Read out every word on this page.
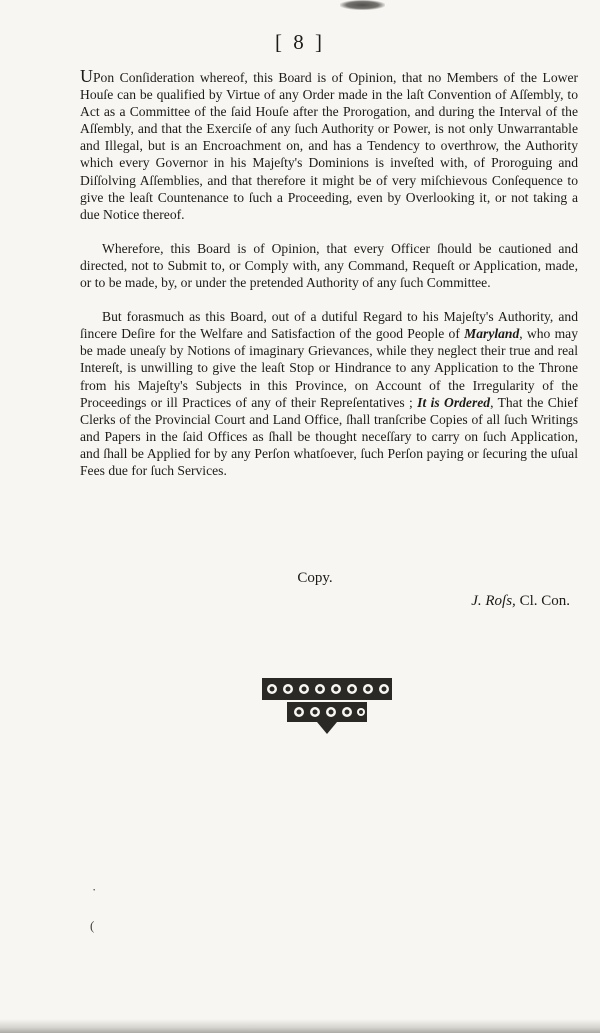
[ 8 ]

UPon Conſideration whereof, this Board is of Opinion, that no Members of the Lower Houſe can be qualified by Virtue of any Order made in the laſt Convention of Aſſembly, to Act as a Committee of the ſaid Houſe after the Prorogation, and during the Interval of the Aſſembly, and that the Exerciſe of any ſuch Authority or Power, is not only Unwarrantable and Illegal, but is an Encroachment on, and has a Tendency to overthrow, the Authority which every Governor in his Majeſty's Dominions is inveſted with, of Proroguing and Diſſolving Aſſemblies, and that therefore it might be of very miſchievous Conſequence to give the leaſt Countenance to ſuch a Proceeding, even by Overlooking it, or not taking a due Notice thereof.

Wherefore, this Board is of Opinion, that every Officer ſhould be cautioned and directed, not to Submit to, or Comply with, any Command, Requeſt or Application, made, or to be made, by, or under the pretended Authority of any ſuch Committee.

But forasmuch as this Board, out of a dutiful Regard to his Majeſty's Authority, and ſincere Deſire for the Welfare and Satisfaction of the good People of Maryland, who may be made uneaſy by Notions of imaginary Grievances, while they neglect their true and real Intereſt, is unwilling to give the leaſt Stop or Hindrance to any Application to the Throne from his Majeſty's Subjects in this Province, on Account of the Irregularity of the Proceedings or ill Practices of any of their Repreſentatives ; It is Ordered, That the Chief Clerks of the Provincial Court and Land Office, ſhall tranſcribe Copies of all ſuch Writings and Papers in the ſaid Offices as ſhall be thought neceſſary to carry on ſuch Application, and ſhall be Applied for by any Perſon whatſoever, ſuch Perſon paying or ſecuring the uſual Fees due for ſuch Services.

Copy.
J. Roſs, Cl. Con.
·
(
